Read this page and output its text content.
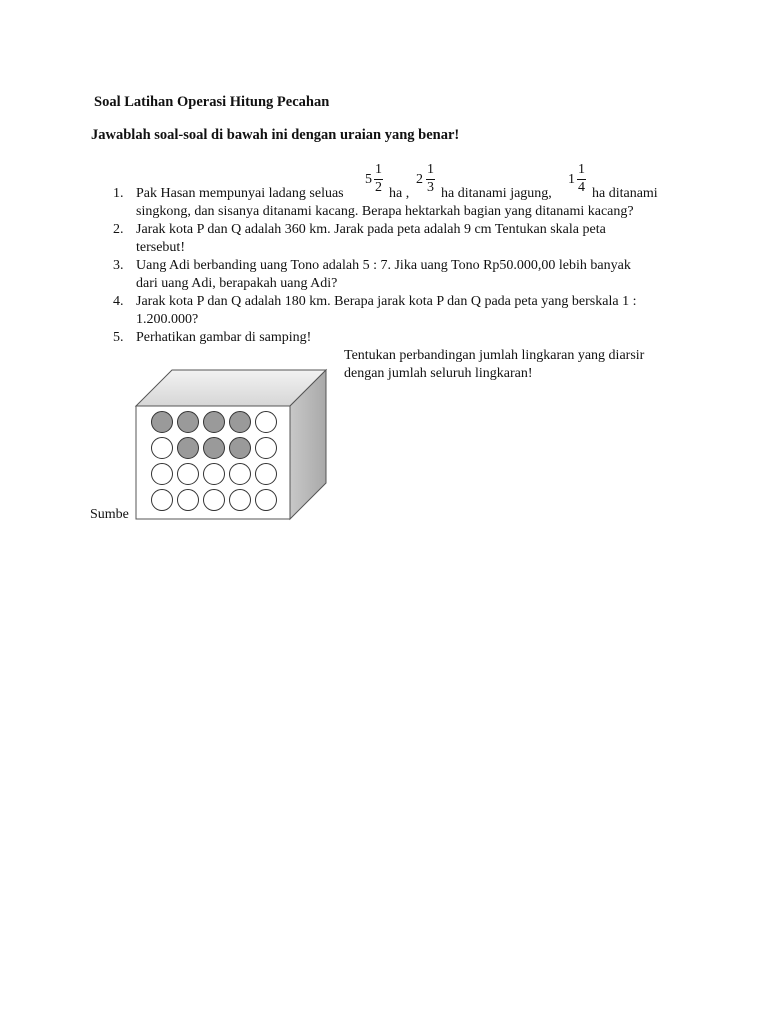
Soal Latihan Operasi Hitung Pecahan
Jawablah soal-soal di bawah ini dengan uraian yang benar!
1. Pak Hasan mempunyai ladang seluas
5
1
2 ha ,
2
1
3 ha ditanami jagung,
1
1
4 ha ditanami
singkong, dan sisanya ditanami kacang. Berapa hektarkah bagian yang ditanami kacang?
2. Jarak kota P dan Q adalah 360 km. Jarak pada peta adalah 9 cm Tentukan skala peta
tersebut!
3. Uang Adi berbanding uang Tono adalah 5 : 7. Jika uang Tono Rp50.000,00 lebih banyak
dari uang Adi, berapakah uang Adi?
4. Jarak kota P dan Q adalah 180 km. Berapa jarak kota P dan Q pada peta yang berskala 1 :
1.200.000?
5. Perhatikan gambar di samping!
Tentukan perbandingan jumlah lingkaran yang diarsir
dengan jumlah seluruh lingkaran!
Sumbe
